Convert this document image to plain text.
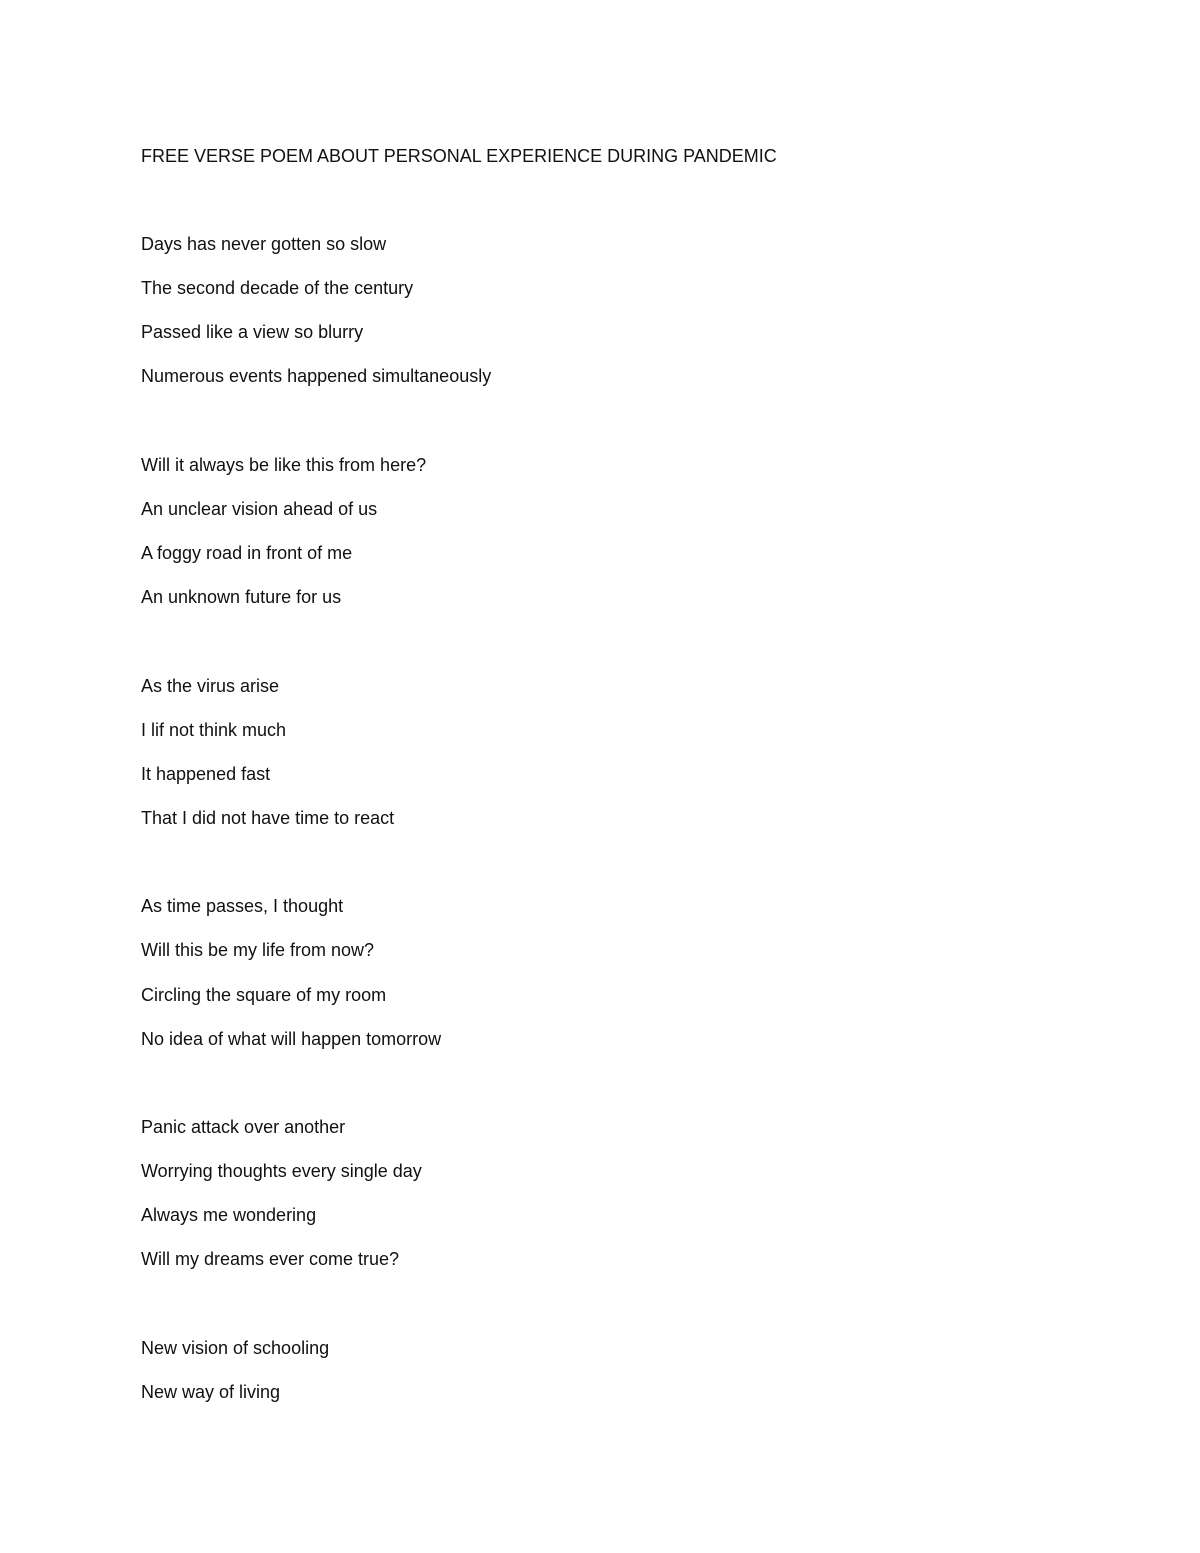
FREE VERSE POEM ABOUT PERSONAL EXPERIENCE DURING PANDEMIC

Days has never gotten so slow

The second decade of the century

Passed like a view so blurry

Numerous events happened simultaneously

Will it always be like this from here?

An unclear vision ahead of us

A foggy road in front of me

An unknown future for us

As the virus arise

I lif not think much

It happened fast

That I did not have time to react

As time passes, I thought

Will this be my life from now?

Circling the square of my room

No idea of what will happen tomorrow

Panic attack over another

Worrying thoughts every single day

Always me wondering

Will my dreams ever come true?

New vision of schooling

New way of living
